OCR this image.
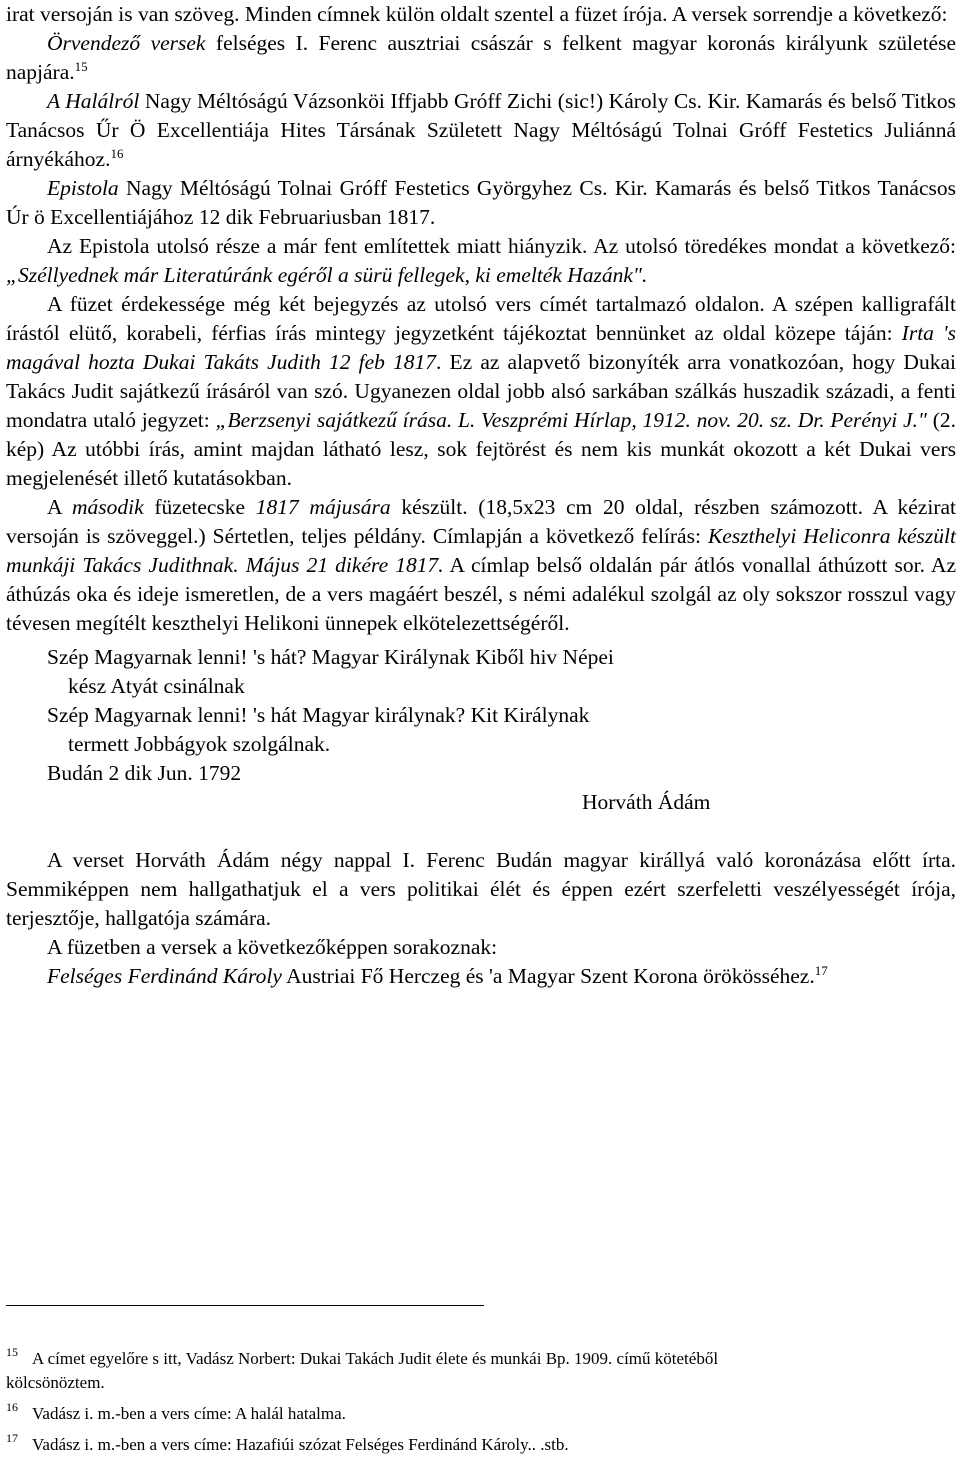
irat versoján is van szöveg. Minden címnek külön oldalt szentel a füzet írója. A versek sorrendje a következő:

Örvendező versek felséges I. Ferenc ausztriai császár s felkent magyar koronás királyunk születése napjára.$^{15}$

A Halálról Nagy Méltóságú Vázsonköi Iffjabb Gróff Zichi (sic!) Károly Cs. Kir. Kamarás és belső Titkos Tanácsos Űr Ö Excellentiája Hites Társának Született Nagy Méltóságú Tolnai Gróff Festetics Juliánná árnyékához.$^{16}$

Epistola Nagy Méltóságú Tolnai Gróff Festetics Györgyhez Cs. Kir. Kamarás és belső Titkos Tanácsos Úr ö Excellentiájához 12 dik Februariusban 1817.

Az Epistola utolsó része a már fent említettek miatt hiányzik. Az utolsó töredékes mondat a következő: „Széllyednek már Literatúránk egéről a sürü fellegek, ki emelték Hazánk".

A füzet érdekessége még két bejegyzés az utolsó vers címét tartalmazó oldalon. A szépen kalligrafált írástól elütő, korabeli, férfias írás mintegy jegyzetként tájékoztat bennünket az oldal közepe táján: Irta 's magával hozta Dukai Takáts Judith 12 feb 1817. Ez az alapvető bizonyíték arra vonatkozóan, hogy Dukai Takács Judit sajátkezű írásáról van szó. Ugyanezen oldal jobb alsó sarkában szálkás huszadik századi, a fenti mondatra utaló jegyzet: „Berzsenyi sajátkezű írása. L. Veszprémi Hírlap, 1912. nov. 20. sz. Dr. Perényi J." (2. kép) Az utóbbi írás, amint majdan látható lesz, sok fejtörést és nem kis munkát okozott a két Dukai vers megjelenését illető kutatásokban.

A második füzetecske 1817 májusára készült. (18,5x23 cm 20 oldal, részben számozott. A kézirat versoján is szöveggel.) Sértetlen, teljes példány. Címlapján a következő felírás: Keszthelyi Heliconra készült munkáji Takács Judithnak. Május 21 dikére 1817. A címlap belső oldalán pár átlós vonallal áthúzott sor. Az áthúzás oka és ideje ismeretlen, de a vers magáért beszél, s némi adalékul szolgál az oly sokszor rosszul vagy tévesen megítélt keszthelyi Helikoni ünnepek elkötelezettségéről.

Szép Magyarnak lenni! 's hát? Magyar Királynak Kiből hiv Népei
kész Atyát csinálnak
Szép Magyarnak lenni! 's hát Magyar királynak? Kit Királynak
termett Jobbágyok szolgálnak.
Budán 2 dik Jun. 1792
Horváth Ádám

A verset Horváth Ádám négy nappal I. Ferenc Budán magyar királlyá való koronázása előtt írta. Semmiképpen nem hallgathatjuk el a vers politikai élét és éppen ezért szerfeletti veszélyességét írója, terjesztője, hallgatója számára.

A füzetben a versek a következőképpen sorakoznak:

Felséges Ferdinánd Károly Austriai Fő Herczeg és 'a Magyar Szent Korona örökösséhez.$^{17}$

15 A címet egyelőre s itt, Vadász Norbert: Dukai Takách Judit élete és munkái Bp. 1909. című kötetéből
kölcsönöztem.
16 Vadász i. m.-ben a vers címe: A halál hatalma.
17 Vadász i. m.-ben a vers címe: Hazafiúi szózat Felséges Ferdinánd Károly.. .stb.
